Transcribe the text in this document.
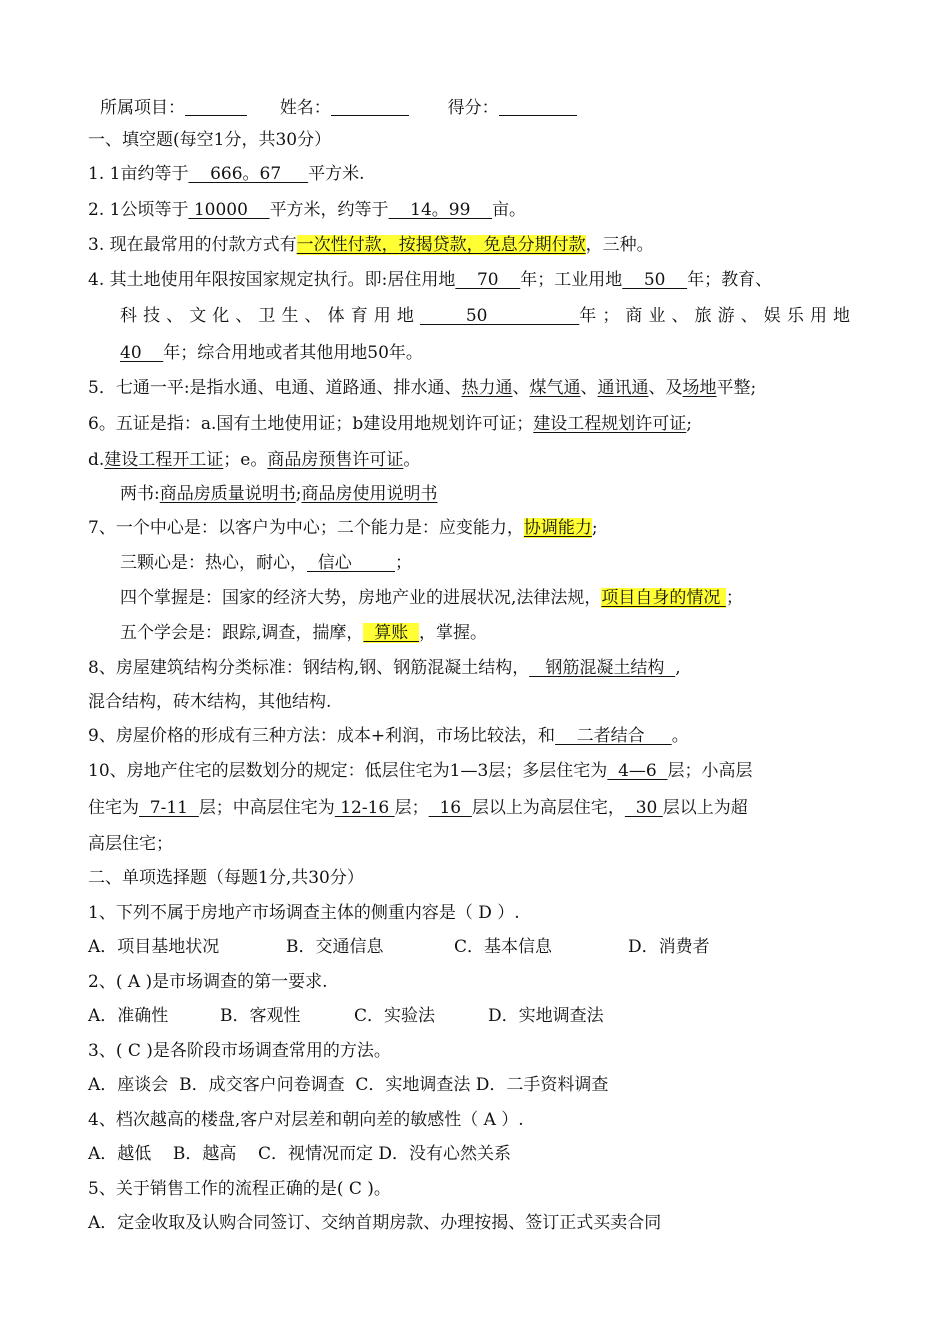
所属项目：	姓名：	得分：
一、填空题(每空1分，共30分）
1. 1亩约等于    666。67     平方米.
2. 1公顷等于 10000    平方米，约等于    14。99    亩。
3. 现在最常用的付款方式有一次性付款，按揭贷款，免息分期付款，三种。
4. 其土地使用年限按国家规定执行。即:居住用地    70    年；工业用地    50    年；教育、
科技、文化、卫生、体育用地    50        年；商业、旅游、娱乐用地
40    年；综合用地或者其他用地50年。
5．七通一平:是指水通、电通、道路通、排水通、热力通、煤气通、通讯通、及场地平整;
6。五证是指：a.国有土地使用证；b建设用地规划许可证；建设工程规划许可证;
d.建设工程开工证；e。商品房预售许可证。
两书:商品房质量说明书;商品房使用说明书
7、一个中心是：以客户为中心；二个能力是：应变能力，协调能力;
三颗心是：热心，耐心，  信心        ；
四个掌握是：国家的经济大势，房地产业的进展状况,法律法规，项目自身的情况 ；
五个学会是：跟踪,调查，揣摩，  算账  ，掌握。
8、房屋建筑结构分类标准：钢结构,钢、钢筋混凝土结构，   钢筋混凝土结构  ,
混合结构，砖木结构，其他结构.
9、房屋价格的形成有三种方法：成本+利润，市场比较法，和    二者结合     。
10、房地产住宅的层数划分的规定：低层住宅为1—3层；多层住宅为  4—6  层；小高层
住宅为  7-11  层；中高层住宅为 12-16 层；  16  层以上为高层住宅，  30 层以上为超
高层住宅；
二、单项选择题（每题1分,共30分）
1、下列不属于房地产市场调查主体的侧重内容是（ D ）.
A．项目基地状况	B．交通信息	C．基本信息	D．消费者
2、( A )是市场调查的第一要求.
A．准确性	B．客观性	C．实验法	D．实地调查法
3、( C )是各阶段市场调查常用的方法。
A．座谈会  B．成交客户问卷调查  C．实地调查法 D．二手资料调查
4、档次越高的楼盘,客户对层差和朝向差的敏感性（ A ）.
A．越低    B．越高    C．视情况而定 D．没有心然关系
5、关于销售工作的流程正确的是( C )。
A．定金收取及认购合同签订、交纳首期房款、办理按揭、签订正式买卖合同
